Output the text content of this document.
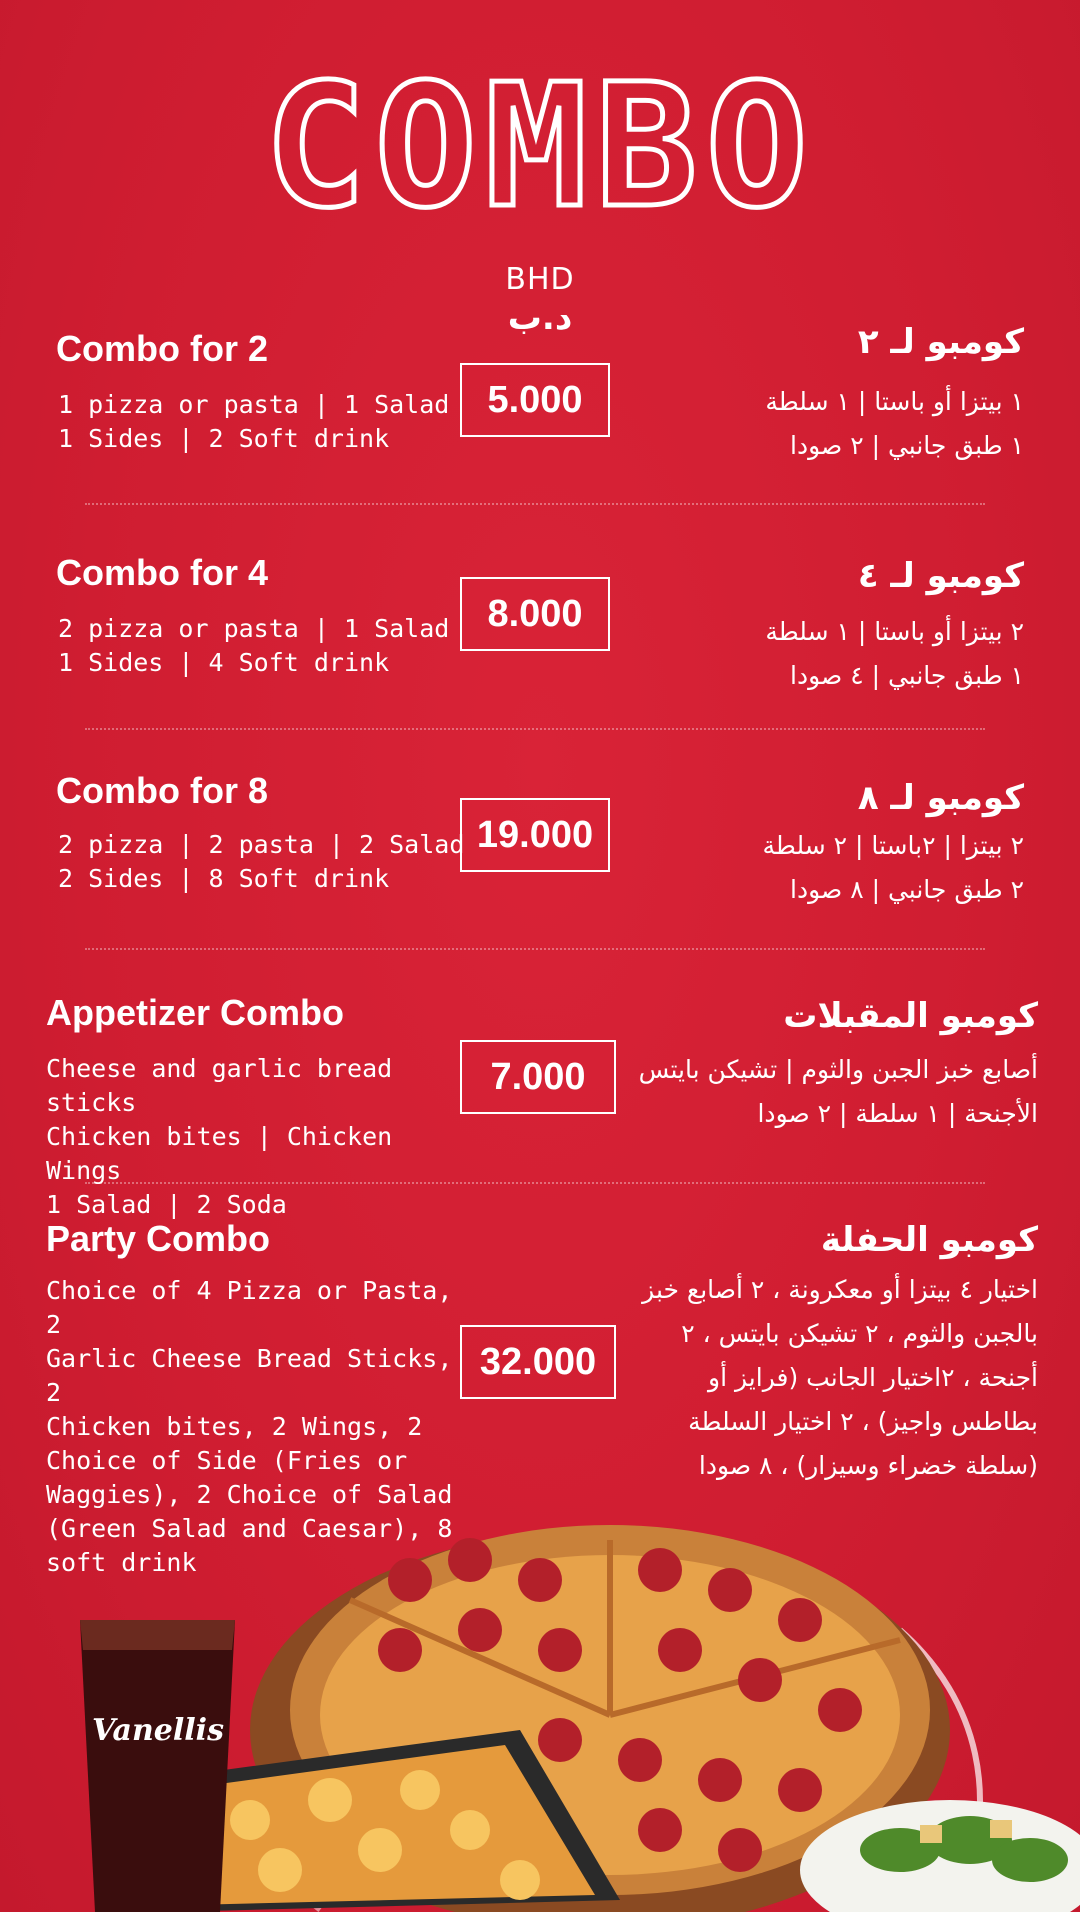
COMBO
BHD
د.ب
Combo for 2
1 pizza or pasta | 1 Salad
1 Sides | 2 Soft drink
5.000
كومبو لـ ٢
١ بيتزا أو باستا | ١ سلطة
١ طبق جانبي | ٢ صودا
Combo for 4
2 pizza or pasta | 1 Salad
1 Sides | 4 Soft drink
8.000
كومبو لـ ٤
٢ بيتزا أو باستا | ١ سلطة
١ طبق جانبي | ٤ صودا
Combo for 8
2 pizza | 2 pasta | 2 Salad
2 Sides | 8 Soft drink
19.000
كومبو لـ ٨
٢ بيتزا | ٢باستا | ٢ سلطة
٢ طبق جانبي | ٨ صودا
Appetizer Combo
Cheese and garlic bread sticks
Chicken bites | Chicken Wings
1 Salad | 2 Soda
7.000
كومبو المقبلات
أصابع خبز الجبن والثوم | تشيكن بايتس
الأجنحة | ١ سلطة | ٢ صودا
Party Combo
Choice of 4 Pizza or Pasta, 2
Garlic Cheese Bread Sticks, 2
Chicken bites, 2 Wings, 2
Choice of Side (Fries or
Waggies), 2 Choice of Salad
(Green Salad and Caesar), 8
soft drink
32.000
كومبو الحفلة
اختيار ٤ بيتزا أو معكرونة ، ٢ أصابع خبز
بالجبن والثوم ، ٢ تشيكن بايتس ، ٢
أجنحة ، ٢اختيار الجانب (فرايز أو
بطاطس واجيز) ، ٢ اختيار السلطة
(سلطة خضراء وسيزار) ، ٨ صودا
Vanellis
